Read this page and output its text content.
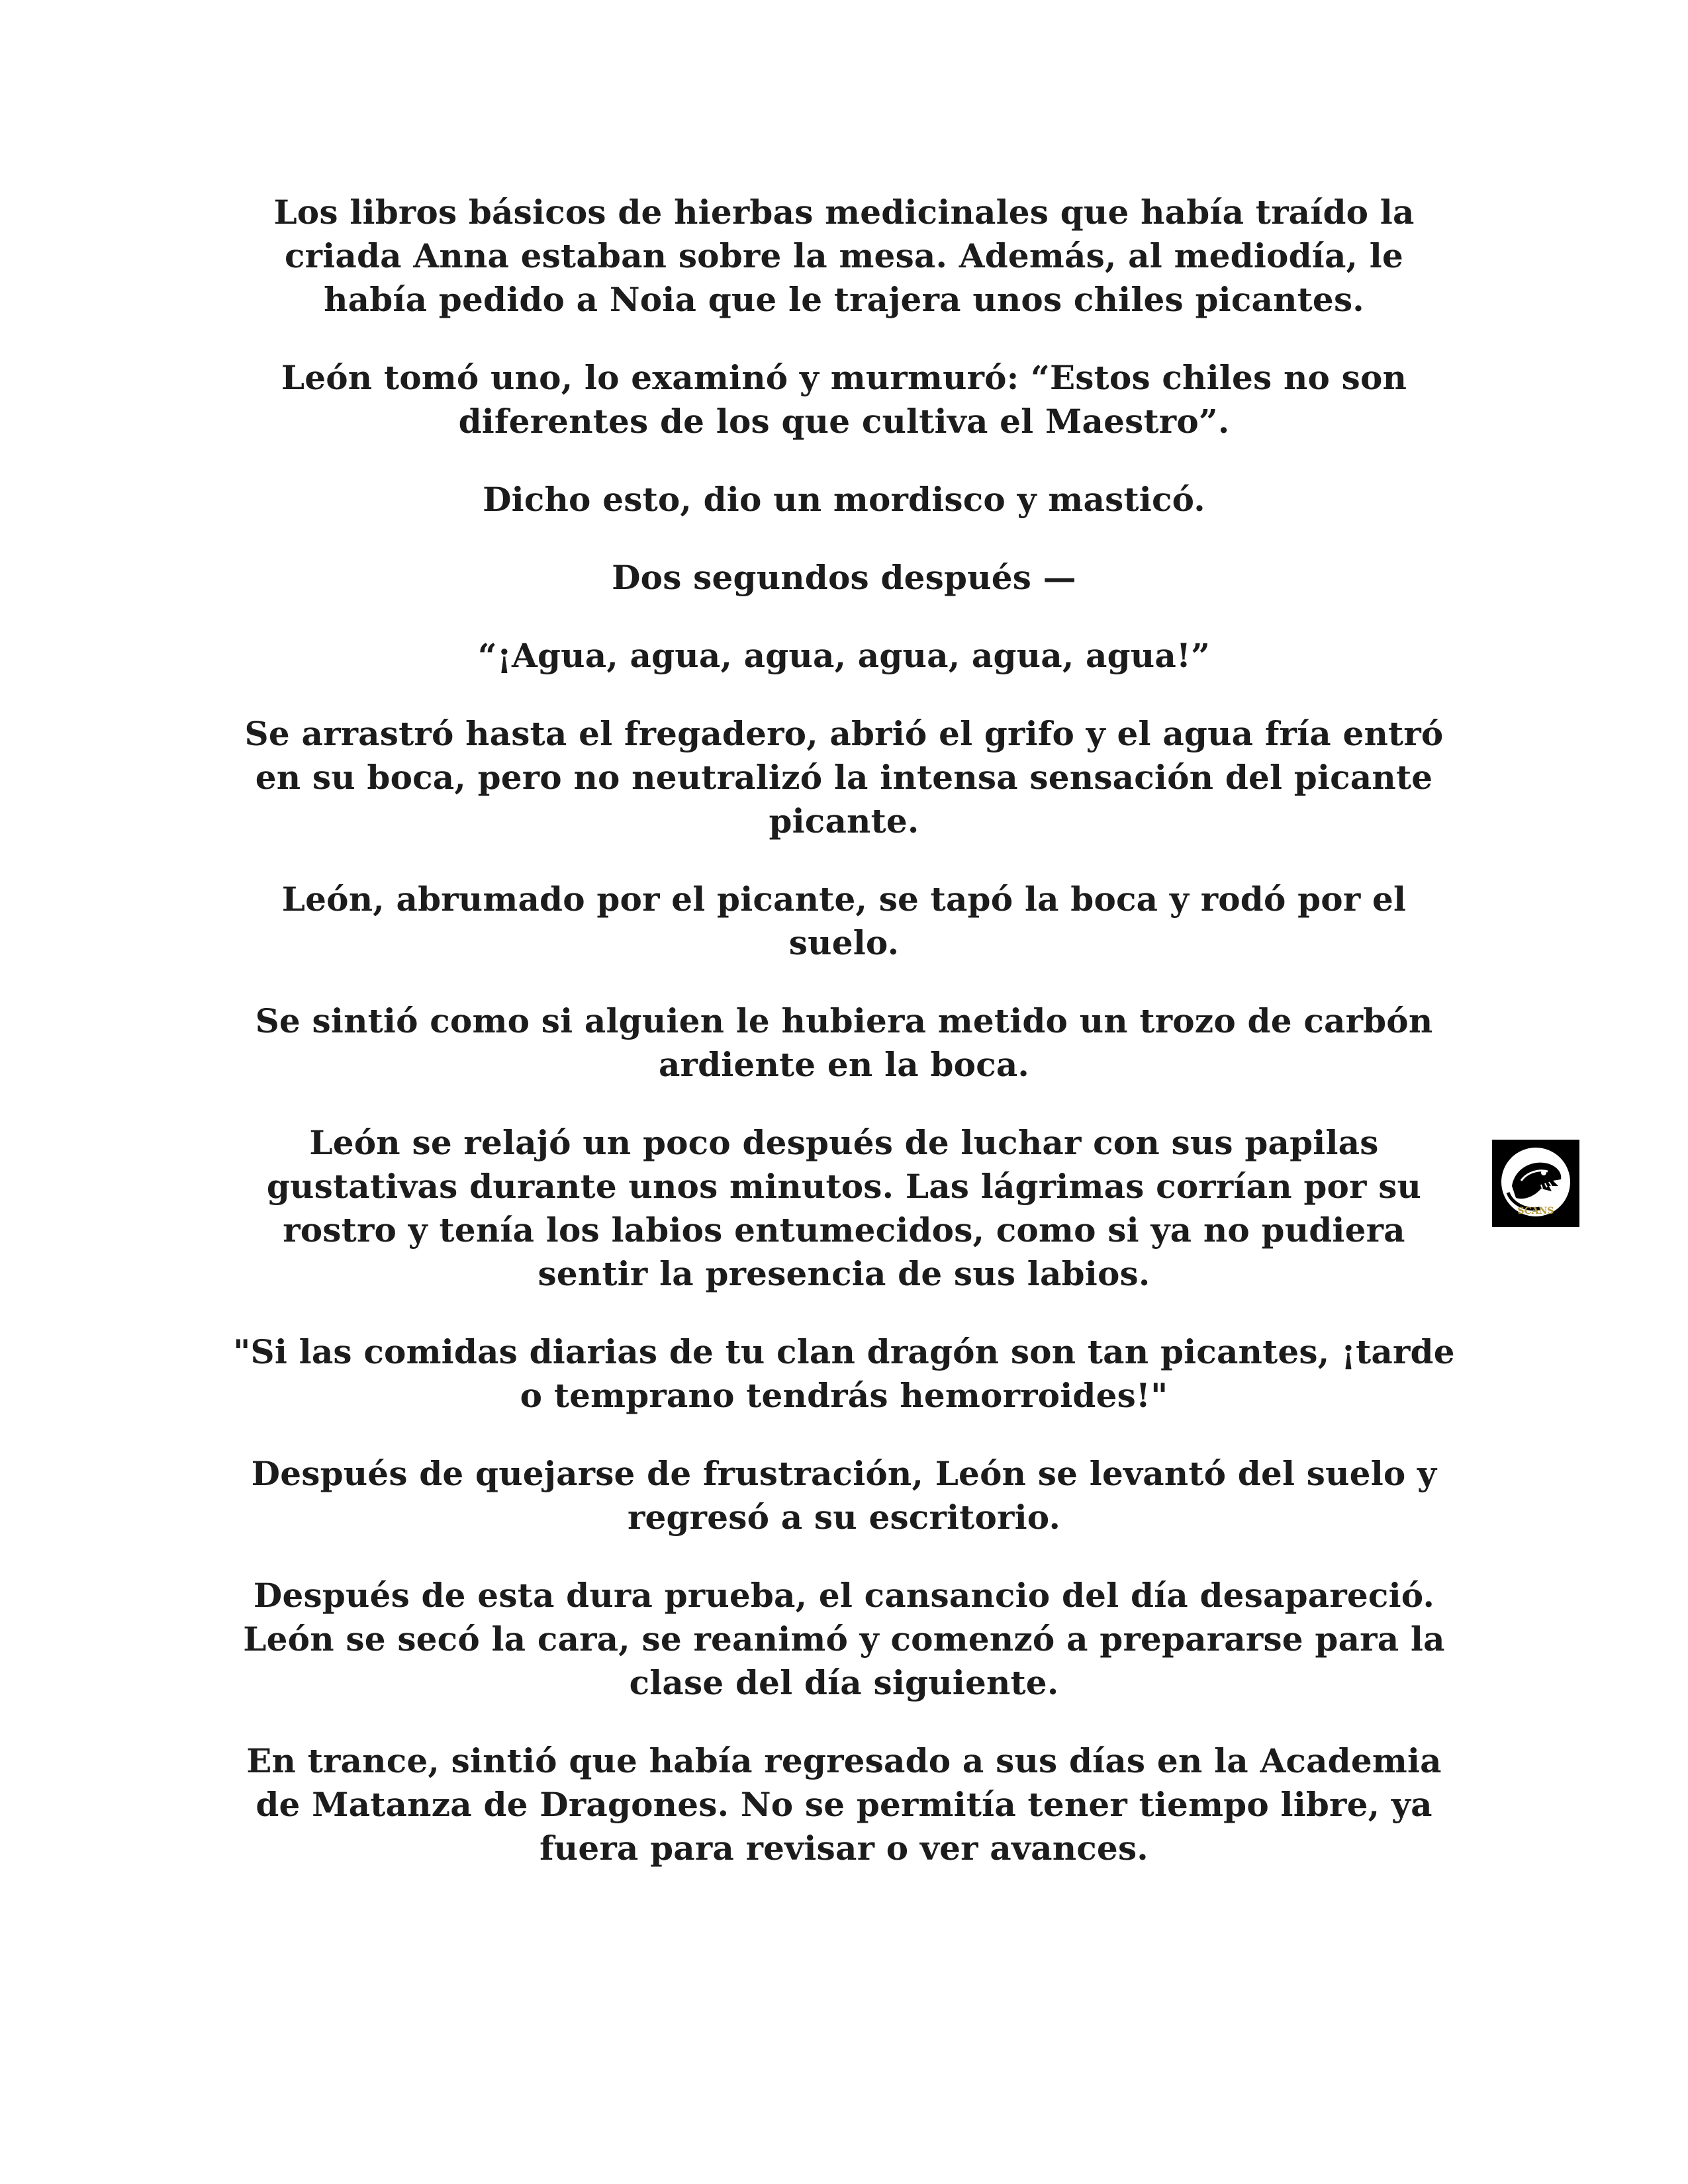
Los libros básicos de hierbas medicinales que había traído la criada Anna estaban sobre la mesa. Además, al mediodía, le había pedido a Noia que le trajera unos chiles picantes.

León tomó uno, lo examinó y murmuró: “Estos chiles no son diferentes de los que cultiva el Maestro”.

Dicho esto, dio un mordisco y masticó.

Dos segundos después —

“¡Agua, agua, agua, agua, agua, agua!”

Se arrastró hasta el fregadero, abrió el grifo y el agua fría entró en su boca, pero no neutralizó la intensa sensación del picante picante.

León, abrumado por el picante, se tapó la boca y rodó por el suelo.

Se sintió como si alguien le hubiera metido un trozo de carbón ardiente en la boca.

León se relajó un poco después de luchar con sus papilas gustativas durante unos minutos. Las lágrimas corrían por su rostro y tenía los labios entumecidos, como si ya no pudiera sentir la presencia de sus labios.

"Si las comidas diarias de tu clan dragón son tan picantes, ¡tarde o temprano tendrás hemorroides!"

Después de quejarse de frustración, León se levantó del suelo y regresó a su escritorio.

Después de esta dura prueba, el cansancio del día desapareció. León se secó la cara, se reanimó y comenzó a prepararse para la clase del día siguiente.

En trance, sintió que había regresado a sus días en la Academia de Matanza de Dragones. No se permitía tener tiempo libre, ya fuera para revisar o ver avances.

SCANS
